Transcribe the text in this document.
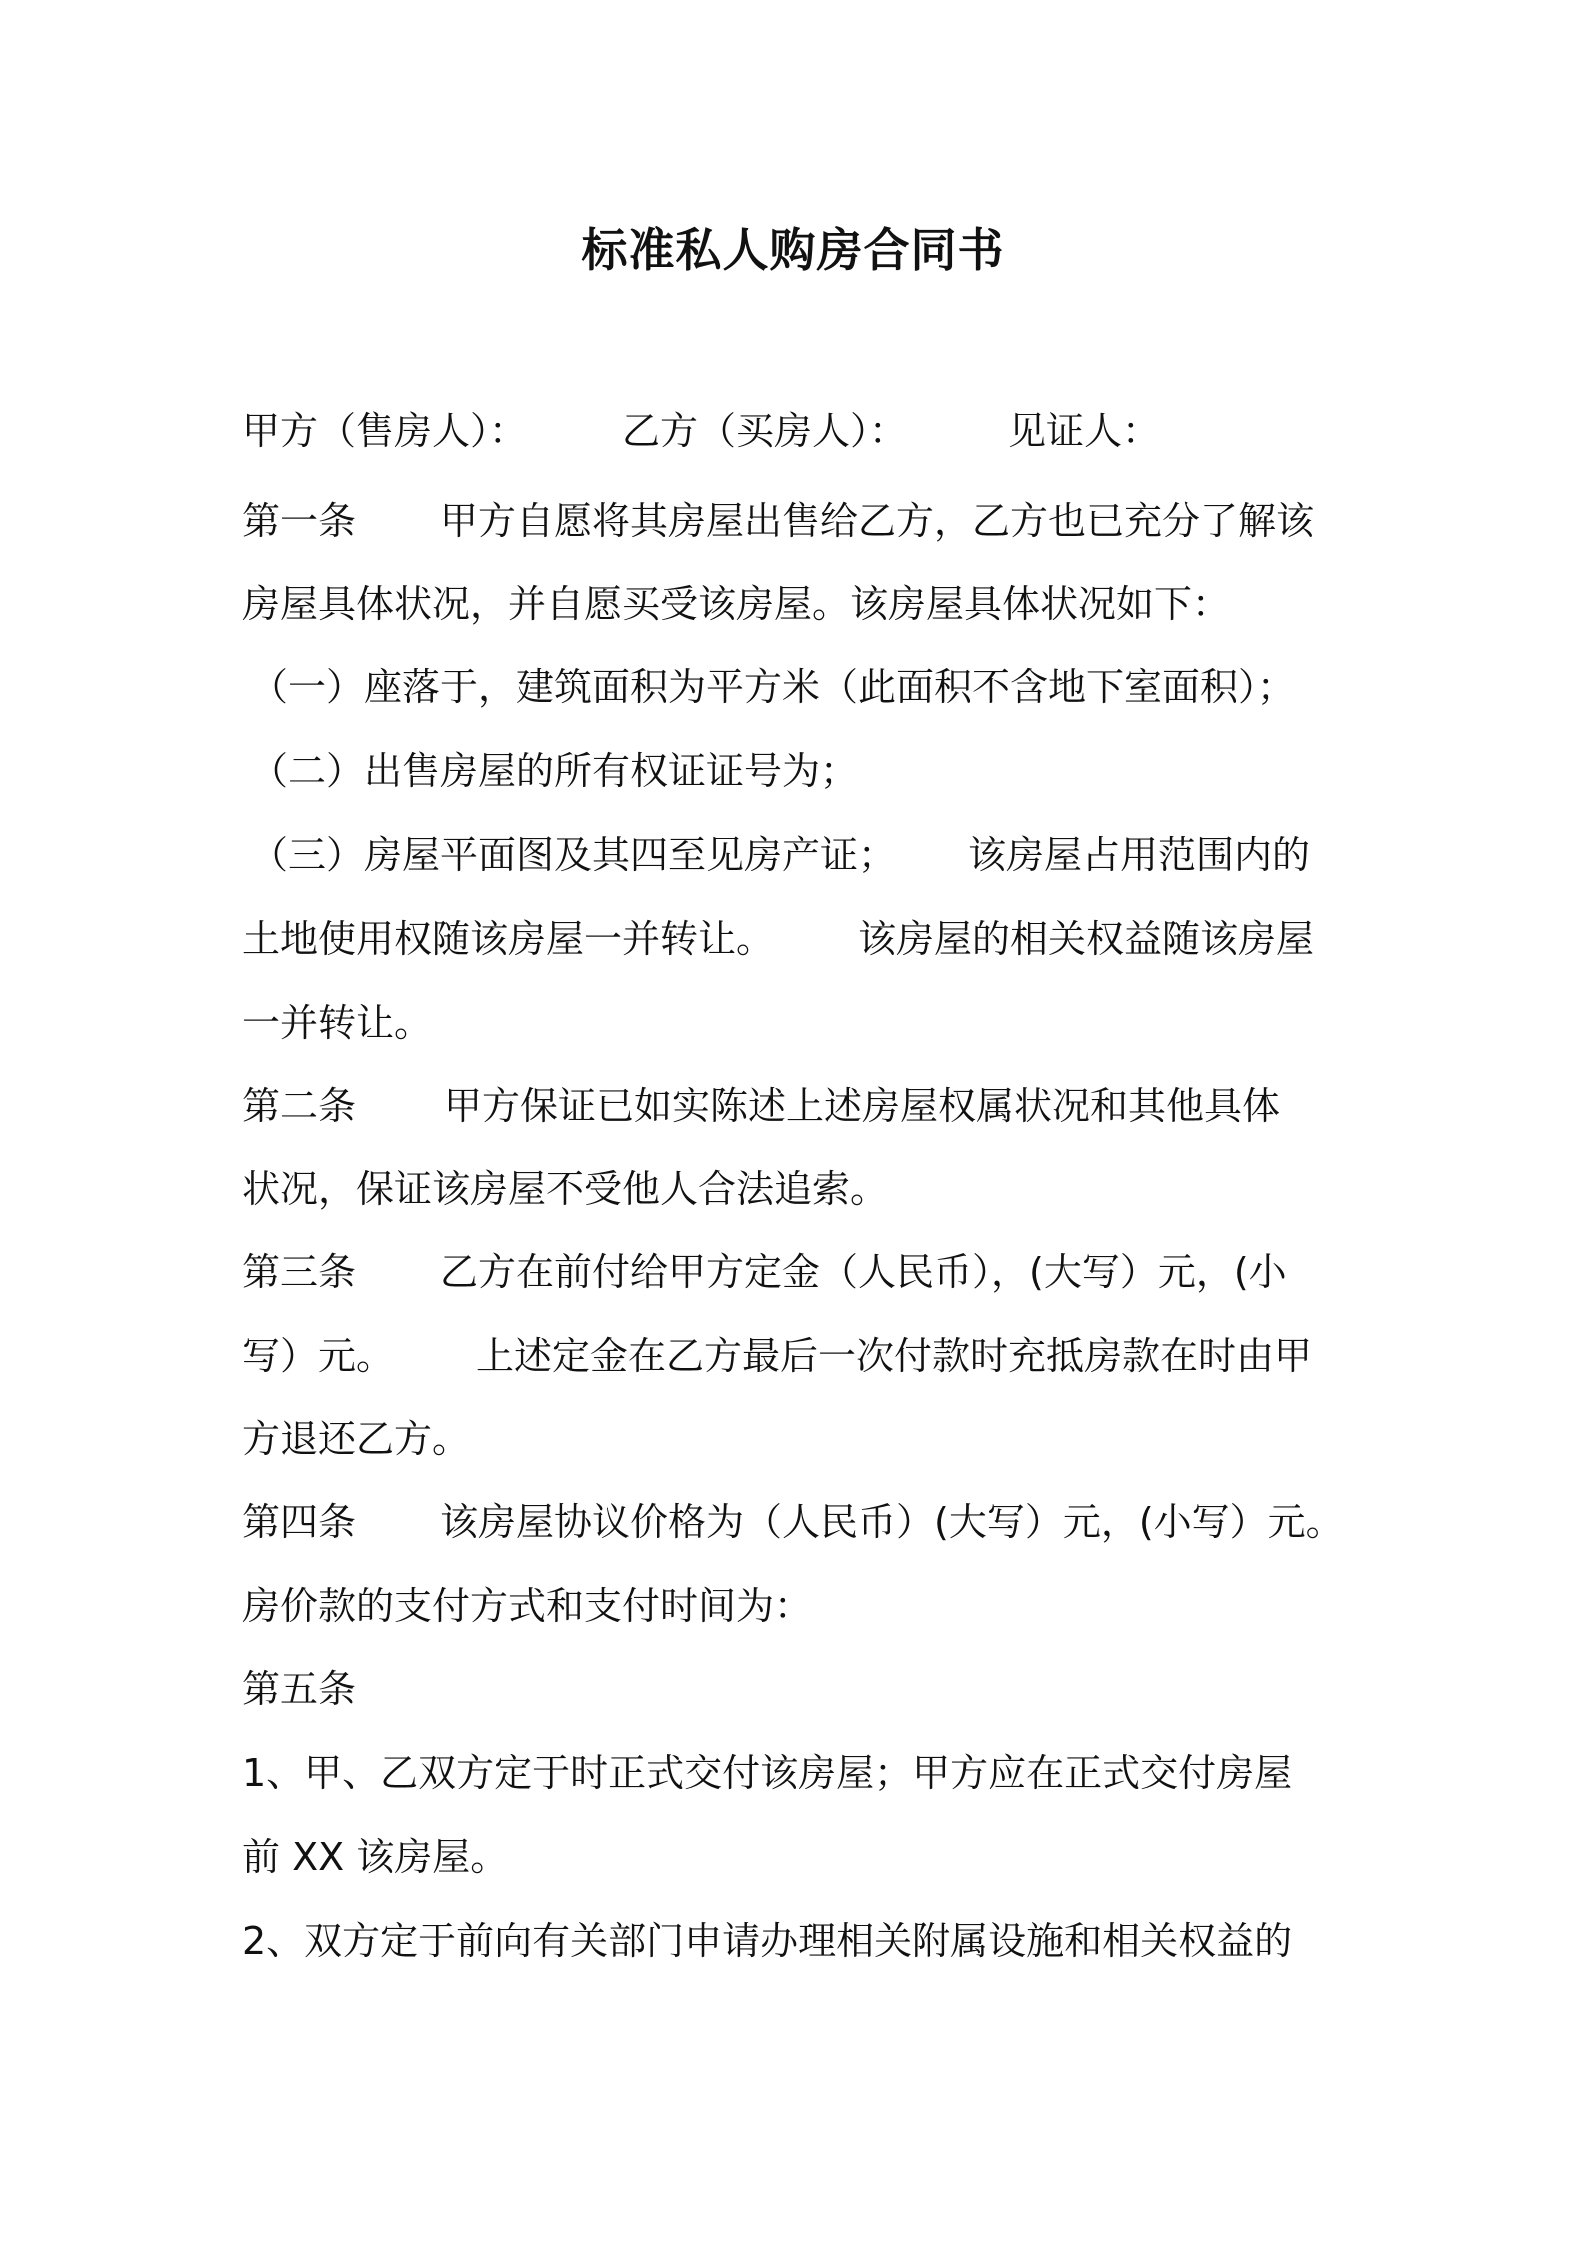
标准私人购房合同书
甲方（售房人）： 乙方（买房人）：	见证人：
第一条 甲方自愿将其房屋出售给乙方，乙方也已充分了解该
房屋具体状况，并自愿买受该房屋。该房屋具体状况如下：
（一）座落于，建筑面积为平方米（此面积不含地下室面积）；
（二）出售房屋的所有权证证号为；
（三）房屋平面图及其四至见房产证； 该房屋占用范围内的
土地使用权随该房屋一并转让。 该房屋的相关权益随该房屋
一并转让。
第二条 甲方保证已如实陈述上述房屋权属状况和其他具体
状况，保证该房屋不受他人合法追索。
第三条 乙方在前付给甲方定金（人民币），(大写）元，(小
写）元。 上述定金在乙方最后一次付款时充抵房款在时由甲
方退还乙方。
第四条 该房屋协议价格为（人民币）(大写）元，(小写）元。
房价款的支付方式和支付时间为：
第五条
1、甲、乙双方定于时正式交付该房屋；甲方应在正式交付房屋
前 XX 该房屋。
2、双方定于前向有关部门申请办理相关附属设施和相关权益的
